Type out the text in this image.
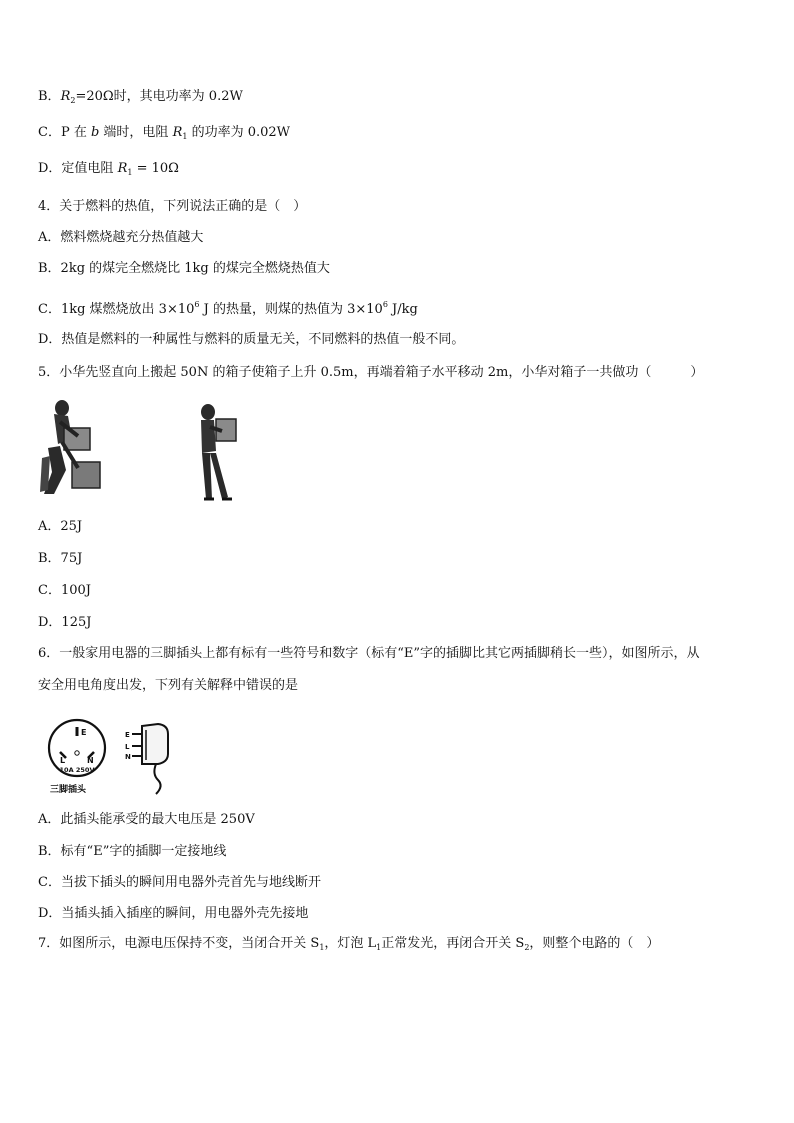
B．$R_2=20\Omega$时，其电功率为 0.2W
C．P 在 b 端时，电阻 $R_1$ 的功率为 0.02W
D．定值电阻 $R_1 = 10\Omega$
4．关于燃料的热值，下列说法正确的是（　）
A．燃料燃烧越充分热值越大
B．2kg 的煤完全燃烧比 1kg 的煤完全燃烧热值大
C．1kg 煤燃烧放出 $3\times 10^6$ J 的热量，则煤的热值为 $3\times 10^6$ J/kg
D．热值是燃料的一种属性与燃料的质量无关，不同燃料的热值一般不同。
5．小华先竖直向上搬起 50N 的箱子使箱子上升 0.5m，再端着箱子水平移动 2m，小华对箱子一共做功（　　　）
A．25J
B．75J
C．100J
D．125J
6．一般家用电器的三脚插头上都有标有一些符号和数字（标有“E”字的插脚比其它两插脚稍长一些），如图所示，从
安全用电角度出发，下列有关解释中错误的是
E
L	N
10A 250V
三脚插头
E
L
N
A．此插头能承受的最大电压是 250V
B．标有“E”字的插脚一定接地线
C．当拔下插头的瞬间用电器外壳首先与地线断开
D．当插头插入插座的瞬间，用电器外壳先接地
7．如图所示，电源电压保持不变，当闭合开关 $S_1$，灯泡 $L_1$正常发光，再闭合开关 $S_2$，则整个电路的（　）
